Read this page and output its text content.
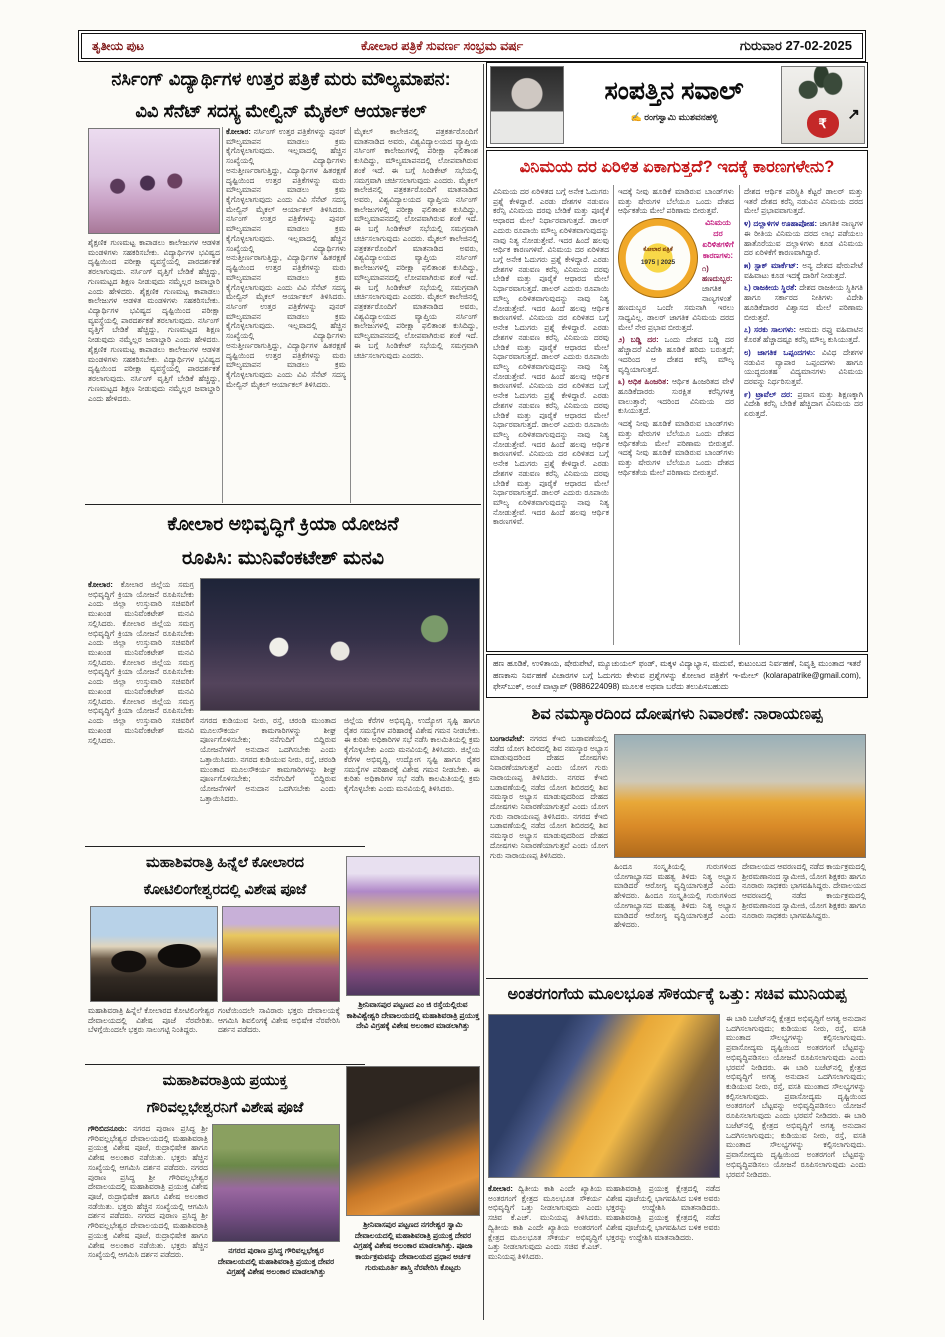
ತೃತೀಯ ಪುಟ	ಕೋಲಾರ ಪತ್ರಿಕೆ ಸುವರ್ಣ ಸಂಭ್ರಮ ವರ್ಷ	ಗುರುವಾರ 27-02-2025
ನರ್ಸಿಂಗ್ ವಿದ್ಯಾರ್ಥಿಗಳ ಉತ್ತರ ಪತ್ರಿಕೆ ಮರು ಮೌಲ್ಯಮಾಪನ:
ವಿವಿ ಸೆನೆಟ್ ಸದಸ್ಯ ಮೇಲ್ವಿನ್ ಮೈಕಲ್ ಆರ್ಯಾಕಲ್
ಕೋಲಾರ: ನರ್ಸಿಂಗ್ ಉತ್ತರ ಪತ್ರಿಕೆಗಳನ್ನು ಪುನರ್ ಮೌಲ್ಯಮಾಪನ ಮಾಡಲು ಕ್ರಮ ಕೈಗೊಳ್ಳಲಾಗುವುದು. ಇಲ್ಲವಾದಲ್ಲಿ ಹೆಚ್ಚಿನ ಸಂಖ್ಯೆಯಲ್ಲಿ ವಿದ್ಯಾರ್ಥಿಗಳು ಅನುತ್ತೀರ್ಣರಾಗುತ್ತಿದ್ದು, ವಿದ್ಯಾರ್ಥಿಗಳ ಹಿತರಕ್ಷಣೆ ದೃಷ್ಟಿಯಿಂದ ಉತ್ತರ ಪತ್ರಿಕೆಗಳನ್ನು ಮರು ಮೌಲ್ಯಮಾಪನ ಮಾಡಲು ಕ್ರಮ ಕೈಗೊಳ್ಳಲಾಗುವುದು ಎಂದು ವಿವಿ ಸೆನೆಟ್ ಸದಸ್ಯ ಮೇಲ್ವಿನ್ ಮೈಕಲ್ ಆರ್ಯಾಕಲ್ ತಿಳಿಸಿದರು. ನರ್ಸಿಂಗ್ ಉತ್ತರ ಪತ್ರಿಕೆಗಳನ್ನು ಪುನರ್ ಮೌಲ್ಯಮಾಪನ ಮಾಡಲು ಕ್ರಮ ಕೈಗೊಳ್ಳಲಾಗುವುದು. ಇಲ್ಲವಾದಲ್ಲಿ ಹೆಚ್ಚಿನ ಸಂಖ್ಯೆಯಲ್ಲಿ ವಿದ್ಯಾರ್ಥಿಗಳು ಅನುತ್ತೀರ್ಣರಾಗುತ್ತಿದ್ದು, ವಿದ್ಯಾರ್ಥಿಗಳ ಹಿತರಕ್ಷಣೆ ದೃಷ್ಟಿಯಿಂದ ಉತ್ತರ ಪತ್ರಿಕೆಗಳನ್ನು ಮರು ಮೌಲ್ಯಮಾಪನ ಮಾಡಲು ಕ್ರಮ ಕೈಗೊಳ್ಳಲಾಗುವುದು ಎಂದು ವಿವಿ ಸೆನೆಟ್ ಸದಸ್ಯ ಮೇಲ್ವಿನ್ ಮೈಕಲ್ ಆರ್ಯಾಕಲ್ ತಿಳಿಸಿದರು. ನರ್ಸಿಂಗ್ ಉತ್ತರ ಪತ್ರಿಕೆಗಳನ್ನು ಪುನರ್ ಮೌಲ್ಯಮಾಪನ ಮಾಡಲು ಕ್ರಮ ಕೈಗೊಳ್ಳಲಾಗುವುದು. ಇಲ್ಲವಾದಲ್ಲಿ ಹೆಚ್ಚಿನ ಸಂಖ್ಯೆಯಲ್ಲಿ ವಿದ್ಯಾರ್ಥಿಗಳು ಅನುತ್ತೀರ್ಣರಾಗುತ್ತಿದ್ದು, ವಿದ್ಯಾರ್ಥಿಗಳ ಹಿತರಕ್ಷಣೆ ದೃಷ್ಟಿಯಿಂದ ಉತ್ತರ ಪತ್ರಿಕೆಗಳನ್ನು ಮರು ಮೌಲ್ಯಮಾಪನ ಮಾಡಲು ಕ್ರಮ ಕೈಗೊಳ್ಳಲಾಗುವುದು ಎಂದು ವಿವಿ ಸೆನೆಟ್ ಸದಸ್ಯ ಮೇಲ್ವಿನ್ ಮೈಕಲ್ ಆರ್ಯಾಕಲ್ ತಿಳಿಸಿದರು.
ಮೈಕಲ್ ಕಾಲೇಜಿನಲ್ಲಿ ಪತ್ರಕರ್ತರೊಂದಿಗೆ ಮಾತನಾಡಿದ ಅವರು, ವಿಶ್ವವಿದ್ಯಾಲಯದ ವ್ಯಾಪ್ತಿಯ ನರ್ಸಿಂಗ್ ಕಾಲೇಜುಗಳಲ್ಲಿ ಪರೀಕ್ಷಾ ಫಲಿತಾಂಶ ಕುಸಿದಿದ್ದು, ಮೌಲ್ಯಮಾಪನದಲ್ಲಿ ಲೋಪವಾಗಿರುವ ಶಂಕೆ ಇದೆ. ಈ ಬಗ್ಗೆ ಸಿಂಡಿಕೇಟ್ ಸಭೆಯಲ್ಲಿ ಸಮಗ್ರವಾಗಿ ಚರ್ಚಿಸಲಾಗುವುದು ಎಂದರು. ಮೈಕಲ್ ಕಾಲೇಜಿನಲ್ಲಿ ಪತ್ರಕರ್ತರೊಂದಿಗೆ ಮಾತನಾಡಿದ ಅವರು, ವಿಶ್ವವಿದ್ಯಾಲಯದ ವ್ಯಾಪ್ತಿಯ ನರ್ಸಿಂಗ್ ಕಾಲೇಜುಗಳಲ್ಲಿ ಪರೀಕ್ಷಾ ಫಲಿತಾಂಶ ಕುಸಿದಿದ್ದು, ಮೌಲ್ಯಮಾಪನದಲ್ಲಿ ಲೋಪವಾಗಿರುವ ಶಂಕೆ ಇದೆ. ಈ ಬಗ್ಗೆ ಸಿಂಡಿಕೇಟ್ ಸಭೆಯಲ್ಲಿ ಸಮಗ್ರವಾಗಿ ಚರ್ಚಿಸಲಾಗುವುದು ಎಂದರು. ಮೈಕಲ್ ಕಾಲೇಜಿನಲ್ಲಿ ಪತ್ರಕರ್ತರೊಂದಿಗೆ ಮಾತನಾಡಿದ ಅವರು, ವಿಶ್ವವಿದ್ಯಾಲಯದ ವ್ಯಾಪ್ತಿಯ ನರ್ಸಿಂಗ್ ಕಾಲೇಜುಗಳಲ್ಲಿ ಪರೀಕ್ಷಾ ಫಲಿತಾಂಶ ಕುಸಿದಿದ್ದು, ಮೌಲ್ಯಮಾಪನದಲ್ಲಿ ಲೋಪವಾಗಿರುವ ಶಂಕೆ ಇದೆ. ಈ ಬಗ್ಗೆ ಸಿಂಡಿಕೇಟ್ ಸಭೆಯಲ್ಲಿ ಸಮಗ್ರವಾಗಿ ಚರ್ಚಿಸಲಾಗುವುದು ಎಂದರು. ಮೈಕಲ್ ಕಾಲೇಜಿನಲ್ಲಿ ಪತ್ರಕರ್ತರೊಂದಿಗೆ ಮಾತನಾಡಿದ ಅವರು, ವಿಶ್ವವಿದ್ಯಾಲಯದ ವ್ಯಾಪ್ತಿಯ ನರ್ಸಿಂಗ್ ಕಾಲೇಜುಗಳಲ್ಲಿ ಪರೀಕ್ಷಾ ಫಲಿತಾಂಶ ಕುಸಿದಿದ್ದು, ಮೌಲ್ಯಮಾಪನದಲ್ಲಿ ಲೋಪವಾಗಿರುವ ಶಂಕೆ ಇದೆ. ಈ ಬಗ್ಗೆ ಸಿಂಡಿಕೇಟ್ ಸಭೆಯಲ್ಲಿ ಸಮಗ್ರವಾಗಿ ಚರ್ಚಿಸಲಾಗುವುದು ಎಂದರು.
ಶೈಕ್ಷಣಿಕ ಗುಣಮಟ್ಟ ಕಾಪಾಡಲು ಕಾಲೇಜುಗಳ ಆಡಳಿತ ಮಂಡಳಿಗಳು ಸಹಕರಿಸಬೇಕು. ವಿದ್ಯಾರ್ಥಿಗಳ ಭವಿಷ್ಯದ ದೃಷ್ಟಿಯಿಂದ ಪರೀಕ್ಷಾ ವ್ಯವಸ್ಥೆಯಲ್ಲಿ ಪಾರದರ್ಶಕತೆ ತರಲಾಗುವುದು. ನರ್ಸಿಂಗ್ ವೃತ್ತಿಗೆ ಬೇಡಿಕೆ ಹೆಚ್ಚಿದ್ದು, ಗುಣಮಟ್ಟದ ಶಿಕ್ಷಣ ನೀಡುವುದು ನಮ್ಮೆಲ್ಲರ ಜವಾಬ್ದಾರಿ ಎಂದು ಹೇಳಿದರು. ಶೈಕ್ಷಣಿಕ ಗುಣಮಟ್ಟ ಕಾಪಾಡಲು ಕಾಲೇಜುಗಳ ಆಡಳಿತ ಮಂಡಳಿಗಳು ಸಹಕರಿಸಬೇಕು. ವಿದ್ಯಾರ್ಥಿಗಳ ಭವಿಷ್ಯದ ದೃಷ್ಟಿಯಿಂದ ಪರೀಕ್ಷಾ ವ್ಯವಸ್ಥೆಯಲ್ಲಿ ಪಾರದರ್ಶಕತೆ ತರಲಾಗುವುದು. ನರ್ಸಿಂಗ್ ವೃತ್ತಿಗೆ ಬೇಡಿಕೆ ಹೆಚ್ಚಿದ್ದು, ಗುಣಮಟ್ಟದ ಶಿಕ್ಷಣ ನೀಡುವುದು ನಮ್ಮೆಲ್ಲರ ಜವಾಬ್ದಾರಿ ಎಂದು ಹೇಳಿದರು. ಶೈಕ್ಷಣಿಕ ಗುಣಮಟ್ಟ ಕಾಪಾಡಲು ಕಾಲೇಜುಗಳ ಆಡಳಿತ ಮಂಡಳಿಗಳು ಸಹಕರಿಸಬೇಕು. ವಿದ್ಯಾರ್ಥಿಗಳ ಭವಿಷ್ಯದ ದೃಷ್ಟಿಯಿಂದ ಪರೀಕ್ಷಾ ವ್ಯವಸ್ಥೆಯಲ್ಲಿ ಪಾರದರ್ಶಕತೆ ತರಲಾಗುವುದು. ನರ್ಸಿಂಗ್ ವೃತ್ತಿಗೆ ಬೇಡಿಕೆ ಹೆಚ್ಚಿದ್ದು, ಗುಣಮಟ್ಟದ ಶಿಕ್ಷಣ ನೀಡುವುದು ನಮ್ಮೆಲ್ಲರ ಜವಾಬ್ದಾರಿ ಎಂದು ಹೇಳಿದರು.
ಕೋಲಾರ ಅಭಿವೃದ್ಧಿಗೆ ಕ್ರಿಯಾ ಯೋಜನೆ
ರೂಪಿಸಿ: ಮುನಿವೆಂಕಟೇಶ್ ಮನವಿ
ಕೋಲಾರ: ಕೋಲಾರ ಜಿಲ್ಲೆಯ ಸಮಗ್ರ ಅಭಿವೃದ್ಧಿಗೆ ಕ್ರಿಯಾ ಯೋಜನೆ ರೂಪಿಸಬೇಕು ಎಂದು ಜಿಲ್ಲಾ ಉಸ್ತುವಾರಿ ಸಚಿವರಿಗೆ ಮುಖಂಡ ಮುನಿವೆಂಕಟೇಶ್ ಮನವಿ ಸಲ್ಲಿಸಿದರು. ಕೋಲಾರ ಜಿಲ್ಲೆಯ ಸಮಗ್ರ ಅಭಿವೃದ್ಧಿಗೆ ಕ್ರಿಯಾ ಯೋಜನೆ ರೂಪಿಸಬೇಕು ಎಂದು ಜಿಲ್ಲಾ ಉಸ್ತುವಾರಿ ಸಚಿವರಿಗೆ ಮುಖಂಡ ಮುನಿವೆಂಕಟೇಶ್ ಮನವಿ ಸಲ್ಲಿಸಿದರು. ಕೋಲಾರ ಜಿಲ್ಲೆಯ ಸಮಗ್ರ ಅಭಿವೃದ್ಧಿಗೆ ಕ್ರಿಯಾ ಯೋಜನೆ ರೂಪಿಸಬೇಕು ಎಂದು ಜಿಲ್ಲಾ ಉಸ್ತುವಾರಿ ಸಚಿವರಿಗೆ ಮುಖಂಡ ಮುನಿವೆಂಕಟೇಶ್ ಮನವಿ ಸಲ್ಲಿಸಿದರು. ಕೋಲಾರ ಜಿಲ್ಲೆಯ ಸಮಗ್ರ ಅಭಿವೃದ್ಧಿಗೆ ಕ್ರಿಯಾ ಯೋಜನೆ ರೂಪಿಸಬೇಕು ಎಂದು ಜಿಲ್ಲಾ ಉಸ್ತುವಾರಿ ಸಚಿವರಿಗೆ ಮುಖಂಡ ಮುನಿವೆಂಕಟೇಶ್ ಮನವಿ ಸಲ್ಲಿಸಿದರು.
ನಗರದ ಕುಡಿಯುವ ನೀರು, ರಸ್ತೆ, ಚರಂಡಿ ಮುಂತಾದ ಮೂಲಸೌಕರ್ಯ ಕಾಮಗಾರಿಗಳನ್ನು ಶೀಘ್ರ ಪೂರ್ಣಗೊಳಿಸಬೇಕು; ನನೆಗುದಿಗೆ ಬಿದ್ದಿರುವ ಯೋಜನೆಗಳಿಗೆ ಅನುದಾನ ಒದಗಿಸಬೇಕು ಎಂದು ಒತ್ತಾಯಿಸಿದರು. ನಗರದ ಕುಡಿಯುವ ನೀರು, ರಸ್ತೆ, ಚರಂಡಿ ಮುಂತಾದ ಮೂಲಸೌಕರ್ಯ ಕಾಮಗಾರಿಗಳನ್ನು ಶೀಘ್ರ ಪೂರ್ಣಗೊಳಿಸಬೇಕು; ನನೆಗುದಿಗೆ ಬಿದ್ದಿರುವ ಯೋಜನೆಗಳಿಗೆ ಅನುದಾನ ಒದಗಿಸಬೇಕು ಎಂದು ಒತ್ತಾಯಿಸಿದರು.
ಜಿಲ್ಲೆಯ ಕೆರೆಗಳ ಅಭಿವೃದ್ಧಿ, ಉದ್ಯೋಗ ಸೃಷ್ಟಿ ಹಾಗೂ ರೈತರ ಸಮಸ್ಯೆಗಳ ಪರಿಹಾರಕ್ಕೆ ವಿಶೇಷ ಗಮನ ನೀಡಬೇಕು. ಈ ಕುರಿತು ಅಧಿಕಾರಿಗಳ ಸಭೆ ನಡೆಸಿ ಕಾಲಮಿತಿಯಲ್ಲಿ ಕ್ರಮ ಕೈಗೊಳ್ಳಬೇಕು ಎಂದು ಮನವಿಯಲ್ಲಿ ತಿಳಿಸಿದರು. ಜಿಲ್ಲೆಯ ಕೆರೆಗಳ ಅಭಿವೃದ್ಧಿ, ಉದ್ಯೋಗ ಸೃಷ್ಟಿ ಹಾಗೂ ರೈತರ ಸಮಸ್ಯೆಗಳ ಪರಿಹಾರಕ್ಕೆ ವಿಶೇಷ ಗಮನ ನೀಡಬೇಕು. ಈ ಕುರಿತು ಅಧಿಕಾರಿಗಳ ಸಭೆ ನಡೆಸಿ ಕಾಲಮಿತಿಯಲ್ಲಿ ಕ್ರಮ ಕೈಗೊಳ್ಳಬೇಕು ಎಂದು ಮನವಿಯಲ್ಲಿ ತಿಳಿಸಿದರು.
ಮಹಾಶಿವರಾತ್ರಿ ಹಿನ್ನೆಲೆ ಕೋಲಾರದ
ಕೋಟಿಲಿಂಗೇಶ್ವರದಲ್ಲಿ ವಿಶೇಷ ಪೂಜೆ
ಮಹಾಶಿವರಾತ್ರಿ ಹಿನ್ನೆಲೆ ಕೋಲಾರದ ಕೋಟಿಲಿಂಗೇಶ್ವರ ದೇವಾಲಯದಲ್ಲಿ ವಿಶೇಷ ಪೂಜೆ ನೆರವೇರಿತು. ಬೆಳಗ್ಗೆಯಿಂದಲೇ ಭಕ್ತರು ಸಾಲುಗಟ್ಟಿ ನಿಂತಿದ್ದರು.
ಗಂಟೆಯಿಂದಲೇ ಸಾವಿರಾರು ಭಕ್ತರು ದೇವಾಲಯಕ್ಕೆ ಆಗಮಿಸಿ ಶಿವಲಿಂಗಕ್ಕೆ ವಿಶೇಷ ಅಭಿಷೇಕ ನೆರವೇರಿಸಿ ದರ್ಶನ ಪಡೆದರು.
ಮಹಾಶಿವರಾತ್ರಿಯ ಪ್ರಯುಕ್ತ
ಗೌರಿವಲ್ಲಭೇಶ್ವರನಿಗೆ ವಿಶೇಷ ಪೂಜೆ
ಗೌರಿಬಿದನೂರು: ನಗರದ ಪುರಾಣ ಪ್ರಸಿದ್ಧ ಶ್ರೀ ಗೌರಿವಲ್ಲಭೇಶ್ವರ ದೇವಾಲಯದಲ್ಲಿ ಮಹಾಶಿವರಾತ್ರಿ ಪ್ರಯುಕ್ತ ವಿಶೇಷ ಪೂಜೆ, ರುದ್ರಾಭಿಷೇಕ ಹಾಗೂ ವಿಶೇಷ ಅಲಂಕಾರ ನಡೆಯಿತು. ಭಕ್ತರು ಹೆಚ್ಚಿನ ಸಂಖ್ಯೆಯಲ್ಲಿ ಆಗಮಿಸಿ ದರ್ಶನ ಪಡೆದರು. ನಗರದ ಪುರಾಣ ಪ್ರಸಿದ್ಧ ಶ್ರೀ ಗೌರಿವಲ್ಲಭೇಶ್ವರ ದೇವಾಲಯದಲ್ಲಿ ಮಹಾಶಿವರಾತ್ರಿ ಪ್ರಯುಕ್ತ ವಿಶೇಷ ಪೂಜೆ, ರುದ್ರಾಭಿಷೇಕ ಹಾಗೂ ವಿಶೇಷ ಅಲಂಕಾರ ನಡೆಯಿತು. ಭಕ್ತರು ಹೆಚ್ಚಿನ ಸಂಖ್ಯೆಯಲ್ಲಿ ಆಗಮಿಸಿ ದರ್ಶನ ಪಡೆದರು. ನಗರದ ಪುರಾಣ ಪ್ರಸಿದ್ಧ ಶ್ರೀ ಗೌರಿವಲ್ಲಭೇಶ್ವರ ದೇವಾಲಯದಲ್ಲಿ ಮಹಾಶಿವರಾತ್ರಿ ಪ್ರಯುಕ್ತ ವಿಶೇಷ ಪೂಜೆ, ರುದ್ರಾಭಿಷೇಕ ಹಾಗೂ ವಿಶೇಷ ಅಲಂಕಾರ ನಡೆಯಿತು. ಭಕ್ತರು ಹೆಚ್ಚಿನ ಸಂಖ್ಯೆಯಲ್ಲಿ ಆಗಮಿಸಿ ದರ್ಶನ ಪಡೆದರು.	ನಗರದ ಪುರಾಣ ಪ್ರಸಿದ್ಧ ಗೌರಿವಲ್ಲಭೇಶ್ವರ ದೇವಾಲಯದಲ್ಲಿ ಮಹಾಶಿವರಾತ್ರಿ ಪ್ರಯುಕ್ತ ದೇವರ ವಿಗ್ರಹಕ್ಕೆ ವಿಶೇಷ ಅಲಂಕಾರ ಮಾಡಲಾಗಿತ್ತು
ಶ್ರೀನಿವಾಸಪುರ ಪಟ್ಟಣದ ಎಂ ಜಿ ರಸ್ತೆಯಲ್ಲಿರುವ ಕಾಶಿವಿಶ್ವೇಶ್ವರಿ ದೇವಾಲಯದಲ್ಲಿ ಮಹಾಶಿವರಾತ್ರಿ ಪ್ರಯುಕ್ತ ದೇವಿ ವಿಗ್ರಹಕ್ಕೆ ವಿಶೇಷ ಅಲಂಕಾರ ಮಾಡಲಾಗಿತ್ತು
ಶ್ರೀನಿವಾಸಪುರ ಪಟ್ಟಣದ ನಗರೇಶ್ವರ ಸ್ವಾಮಿ ದೇವಾಲಯದಲ್ಲಿ ಮಹಾಶಿವರಾತ್ರಿ ಪ್ರಯುಕ್ತ ದೇವರ ವಿಗ್ರಹಕ್ಕೆ ವಿಶೇಷ ಅಲಂಕಾರ ಮಾಡಲಾಗಿತ್ತು. ಪೂಜಾ ಕಾರ್ಯಕ್ರಮವನ್ನು ದೇವಾಲಯದ ಪ್ರಧಾನ ಅರ್ಚಕ ಗುರುಮೂರ್ತಿ ಶಾಸ್ತ್ರಿ ನೆರವೇರಿಸಿ ಕೊಟ್ಟರು
ಸಂಪತ್ತಿನ ಸವಾಲ್
✍ ರಂಗಸ್ವಾಮಿ ಮುಶವನಹಳ್ಳಿ	₹
↗
ವಿನಿಮಯ ದರ ಏರಿಳಿತ ಏಕಾಗುತ್ತದೆ? ಇದಕ್ಕೆ ಕಾರಣಗಳೇನು?
ವಿನಿಮಯ ದರ ಏರಿಳಿತದ ಬಗ್ಗೆ ಅನೇಕ ಓದುಗರು ಪ್ರಶ್ನೆ ಕೇಳಿದ್ದಾರೆ. ಎರಡು ದೇಶಗಳ ನಡುವಣ ಕರೆನ್ಸಿ ವಿನಿಮಯ ದರವು ಬೇಡಿಕೆ ಮತ್ತು ಪೂರೈಕೆ ಆಧಾರದ ಮೇಲೆ ನಿರ್ಧಾರವಾಗುತ್ತದೆ. ಡಾಲರ್ ಎದುರು ರೂಪಾಯಿ ಮೌಲ್ಯ ಏರಿಳಿತವಾಗುವುದನ್ನು ನಾವು ನಿತ್ಯ ನೋಡುತ್ತೇವೆ. ಇದರ ಹಿಂದೆ ಹಲವು ಆರ್ಥಿಕ ಕಾರಣಗಳಿವೆ. ವಿನಿಮಯ ದರ ಏರಿಳಿತದ ಬಗ್ಗೆ ಅನೇಕ ಓದುಗರು ಪ್ರಶ್ನೆ ಕೇಳಿದ್ದಾರೆ. ಎರಡು ದೇಶಗಳ ನಡುವಣ ಕರೆನ್ಸಿ ವಿನಿಮಯ ದರವು ಬೇಡಿಕೆ ಮತ್ತು ಪೂರೈಕೆ ಆಧಾರದ ಮೇಲೆ ನಿರ್ಧಾರವಾಗುತ್ತದೆ. ಡಾಲರ್ ಎದುರು ರೂಪಾಯಿ ಮೌಲ್ಯ ಏರಿಳಿತವಾಗುವುದನ್ನು ನಾವು ನಿತ್ಯ ನೋಡುತ್ತೇವೆ. ಇದರ ಹಿಂದೆ ಹಲವು ಆರ್ಥಿಕ ಕಾರಣಗಳಿವೆ. ವಿನಿಮಯ ದರ ಏರಿಳಿತದ ಬಗ್ಗೆ ಅನೇಕ ಓದುಗರು ಪ್ರಶ್ನೆ ಕೇಳಿದ್ದಾರೆ. ಎರಡು ದೇಶಗಳ ನಡುವಣ ಕರೆನ್ಸಿ ವಿನಿಮಯ ದರವು ಬೇಡಿಕೆ ಮತ್ತು ಪೂರೈಕೆ ಆಧಾರದ ಮೇಲೆ ನಿರ್ಧಾರವಾಗುತ್ತದೆ. ಡಾಲರ್ ಎದುರು ರೂಪಾಯಿ ಮೌಲ್ಯ ಏರಿಳಿತವಾಗುವುದನ್ನು ನಾವು ನಿತ್ಯ ನೋಡುತ್ತೇವೆ. ಇದರ ಹಿಂದೆ ಹಲವು ಆರ್ಥಿಕ ಕಾರಣಗಳಿವೆ. ವಿನಿಮಯ ದರ ಏರಿಳಿತದ ಬಗ್ಗೆ ಅನೇಕ ಓದುಗರು ಪ್ರಶ್ನೆ ಕೇಳಿದ್ದಾರೆ. ಎರಡು ದೇಶಗಳ ನಡುವಣ ಕರೆನ್ಸಿ ವಿನಿಮಯ ದರವು ಬೇಡಿಕೆ ಮತ್ತು ಪೂರೈಕೆ ಆಧಾರದ ಮೇಲೆ ನಿರ್ಧಾರವಾಗುತ್ತದೆ. ಡಾಲರ್ ಎದುರು ರೂಪಾಯಿ ಮೌಲ್ಯ ಏರಿಳಿತವಾಗುವುದನ್ನು ನಾವು ನಿತ್ಯ ನೋಡುತ್ತೇವೆ. ಇದರ ಹಿಂದೆ ಹಲವು ಆರ್ಥಿಕ ಕಾರಣಗಳಿವೆ. ವಿನಿಮಯ ದರ ಏರಿಳಿತದ ಬಗ್ಗೆ ಅನೇಕ ಓದುಗರು ಪ್ರಶ್ನೆ ಕೇಳಿದ್ದಾರೆ. ಎರಡು ದೇಶಗಳ ನಡುವಣ ಕರೆನ್ಸಿ ವಿನಿಮಯ ದರವು ಬೇಡಿಕೆ ಮತ್ತು ಪೂರೈಕೆ ಆಧಾರದ ಮೇಲೆ ನಿರ್ಧಾರವಾಗುತ್ತದೆ. ಡಾಲರ್ ಎದುರು ರೂಪಾಯಿ ಮೌಲ್ಯ ಏರಿಳಿತವಾಗುವುದನ್ನು ನಾವು ನಿತ್ಯ ನೋಡುತ್ತೇವೆ. ಇದರ ಹಿಂದೆ ಹಲವು ಆರ್ಥಿಕ ಕಾರಣಗಳಿವೆ.
ಇದಕ್ಕೆ ನೀವು ಹೂಡಿಕೆ ಮಾಡಿರುವ ಬಾಂಡ್‌ಗಳು ಮತ್ತು ಷೇರುಗಳ ಬೆಲೆಯೂ ಒಂದು ದೇಶದ ಆರ್ಥಿಕತೆಯ ಮೇಲೆ ಪರಿಣಾಮ ಬೀರುತ್ತವೆ.
ಕೋಲಾರ ಪತ್ರಿಕೆ
1975 | 2025
ವಿನಿಮಯ ದರ ಏರಿಳಿತಗಳಿಗೆ ಕಾರಣಗಳು:
೧) ಹಣದುಬ್ಬರ: ಜಾಗತಿಕ ನಾಣ್ಯಗಳಂತೆ ಹಣದುಬ್ಬರ ಒಂದೇ ಸಮನಾಗಿ ಇರಲು ಸಾಧ್ಯವಿಲ್ಲ. ಡಾಲರ್ ಜಾಗತಿಕ ವಿನಿಮಯ ದರದ ಮೇಲೆ ನೇರ ಪ್ರಭಾವ ಬೀರುತ್ತದೆ.
೨) ಬಡ್ಡಿ ದರ: ಒಂದು ದೇಶದ ಬಡ್ಡಿ ದರ ಹೆಚ್ಚಾದರೆ ವಿದೇಶಿ ಹೂಡಿಕೆ ಹರಿದು ಬರುತ್ತದೆ; ಇದರಿಂದ ಆ ದೇಶದ ಕರೆನ್ಸಿ ಮೌಲ್ಯ ವೃದ್ಧಿಯಾಗುತ್ತದೆ.
೩) ಅಧಿಕ ಹಿಂಜರಿತ: ಆರ್ಥಿಕ ಹಿಂಜರಿತದ ವೇಳೆ ಹೂಡಿಕೆದಾರರು ಸುರಕ್ಷಿತ ಕರೆನ್ಸಿಗಳತ್ತ ವಾಲುತ್ತಾರೆ; ಇದರಿಂದ ವಿನಿಮಯ ದರ ಕುಸಿಯುತ್ತದೆ.
ಇದಕ್ಕೆ ನೀವು ಹೂಡಿಕೆ ಮಾಡಿರುವ ಬಾಂಡ್‌ಗಳು ಮತ್ತು ಷೇರುಗಳ ಬೆಲೆಯೂ ಒಂದು ದೇಶದ ಆರ್ಥಿಕತೆಯ ಮೇಲೆ ಪರಿಣಾಮ ಬೀರುತ್ತವೆ. ಇದಕ್ಕೆ ನೀವು ಹೂಡಿಕೆ ಮಾಡಿರುವ ಬಾಂಡ್‌ಗಳು ಮತ್ತು ಷೇರುಗಳ ಬೆಲೆಯೂ ಒಂದು ದೇಶದ ಆರ್ಥಿಕತೆಯ ಮೇಲೆ ಪರಿಣಾಮ ಬೀರುತ್ತವೆ.
ದೇಶದ ಆರ್ಥಿಕ ಪರಿಸ್ಥಿತಿ ಕೆಟ್ಟರೆ ಡಾಲರ್ ಮತ್ತು ಇತರೆ ದೇಶದ ಕರೆನ್ಸಿ ನಡುವಿನ ವಿನಿಮಯ ದರದ ಮೇಲೆ ಪ್ರಭಾವವಾಗುತ್ತದೆ.
೪) ದಲ್ಲಾಳಿಗಳ ಊಹಾಪೋಹ: ಜಾಗತಿಕ ನಾಣ್ಯಗಳ ಈ ರೀತಿಯ ವಿನಿಮಯ ದರದ ಲಾಭ ಪಡೆಯಲು ಹಾತೊರೆಯುವ ದಲ್ಲಾಳಿಗಳು ಕೂಡ ವಿನಿಮಯ ದರ ಏರಿಳಿಕೆಗೆ ಕಾರಣವಾಗಿದ್ದಾರೆ.
೫) ಸ್ಟಾಕ್ ಮಾರ್ಕೆಟ್: ಅನ್ಯ ದೇಶದ ಷೇರುಪೇಟೆ ವಹಿವಾಟು ಕೂಡ ಇದಕ್ಕೆ ದಾರಿಗೆ ನೀಡುತ್ತದೆ.
೬) ರಾಜಕೀಯ ಸ್ಥಿರತೆ: ದೇಶದ ರಾಜಕೀಯ ಸ್ಥಿತಿಗತಿ ಹಾಗೂ ಸರ್ಕಾರದ ನೀತಿಗಳು ವಿದೇಶಿ ಹೂಡಿಕೆದಾರರ ವಿಶ್ವಾಸದ ಮೇಲೆ ಪರಿಣಾಮ ಬೀರುತ್ತವೆ.
೭) ಸರಕು ಸಾಲಗಳು: ಆಮದು ರಫ್ತು ವಹಿವಾಟಿನ ಕೊರತೆ ಹೆಚ್ಚಾದಷ್ಟೂ ಕರೆನ್ಸಿ ಮೌಲ್ಯ ಕುಸಿಯುತ್ತದೆ.
೮) ಜಾಗತಿಕ ಒಪ್ಪಂದಗಳು: ವಿವಿಧ ದೇಶಗಳ ನಡುವಿನ ವ್ಯಾಪಾರ ಒಪ್ಪಂದಗಳು ಹಾಗೂ ಯುದ್ಧದಂತಹ ವಿದ್ಯಮಾನಗಳು ವಿನಿಮಯ ದರವನ್ನು ನಿರ್ಧರಿಸುತ್ತವೆ.
೯) ಟ್ರಾವೆಲ್ ದರ: ಪ್ರವಾಸ ಮತ್ತು ಶಿಕ್ಷಣಕ್ಕಾಗಿ ವಿದೇಶಿ ಕರೆನ್ಸಿ ಬೇಡಿಕೆ ಹೆಚ್ಚಿದಾಗ ವಿನಿಮಯ ದರ ಏರುತ್ತದೆ.
ಹಣ ಹೂಡಿಕೆ, ಉಳಿತಾಯ, ಷೇರುಪೇಟೆ, ಮ್ಯೂಚುಯಲ್ ಫಂಡ್, ಮಕ್ಕಳ ವಿದ್ಯಾಭ್ಯಾಸ, ಮದುವೆ, ಕುಟುಂಬದ ನಿರ್ವಹಣೆ, ನಿವೃತ್ತಿ ಮುಂತಾದ ಇತರೆ ಹಣಕಾಸು ನಿರ್ವಹಣೆ ವಿಚಾರಗಳ ಬಗ್ಗೆ ಓದುಗರು ಕೇಳುವ ಪ್ರಶ್ನೆಗಳನ್ನು ಕೋಲಾರ ಪತ್ರಿಕೆಗೆ ಇ-ಮೇಲ್ (kolarapatrike@gmail.com), ಫೇಸ್‌ಬುಕ್, ಅಂಚೆ ವಾಟ್ಸಾಪ್ (9886224098) ಮೂಲಕ ಅಥವಾ ಬರೆದು ತಲುಪಿಸಬಹುದು
ಶಿವ ನಮಸ್ಕಾರದಿಂದ ದೋಷಗಳು ನಿವಾರಣೆ: ನಾರಾಯಣಪ್ಪ
ಬಂಗಾರಪೇಟೆ: ನಗರದ ಕೆಇಬಿ ಬಡಾವಣೆಯಲ್ಲಿ ನಡೆದ ಯೋಗ ಶಿಬಿರದಲ್ಲಿ ಶಿವ ನಮಸ್ಕಾರ ಅಭ್ಯಾಸ ಮಾಡುವುದರಿಂದ ದೇಹದ ದೋಷಗಳು ನಿವಾರಣೆಯಾಗುತ್ತವೆ ಎಂದು ಯೋಗ ಗುರು ನಾರಾಯಣಪ್ಪ ತಿಳಿಸಿದರು. ನಗರದ ಕೆಇಬಿ ಬಡಾವಣೆಯಲ್ಲಿ ನಡೆದ ಯೋಗ ಶಿಬಿರದಲ್ಲಿ ಶಿವ ನಮಸ್ಕಾರ ಅಭ್ಯಾಸ ಮಾಡುವುದರಿಂದ ದೇಹದ ದೋಷಗಳು ನಿವಾರಣೆಯಾಗುತ್ತವೆ ಎಂದು ಯೋಗ ಗುರು ನಾರಾಯಣಪ್ಪ ತಿಳಿಸಿದರು. ನಗರದ ಕೆಇಬಿ ಬಡಾವಣೆಯಲ್ಲಿ ನಡೆದ ಯೋಗ ಶಿಬಿರದಲ್ಲಿ ಶಿವ ನಮಸ್ಕಾರ ಅಭ್ಯಾಸ ಮಾಡುವುದರಿಂದ ದೇಹದ ದೋಷಗಳು ನಿವಾರಣೆಯಾಗುತ್ತವೆ ಎಂದು ಯೋಗ ಗುರು ನಾರಾಯಣಪ್ಪ ತಿಳಿಸಿದರು.
ಹಿಂದೂ ಸಂಸ್ಕೃತಿಯಲ್ಲಿ ಗುರುಗಳಿಂದ ಯೋಗಾಭ್ಯಾಸದ ಮಹತ್ವ ತಿಳಿದು ನಿತ್ಯ ಅಭ್ಯಾಸ ಮಾಡಿದರೆ ಆರೋಗ್ಯ ವೃದ್ಧಿಯಾಗುತ್ತದೆ ಎಂದು ಹೇಳಿದರು. ಹಿಂದೂ ಸಂಸ್ಕೃತಿಯಲ್ಲಿ ಗುರುಗಳಿಂದ ಯೋಗಾಭ್ಯಾಸದ ಮಹತ್ವ ತಿಳಿದು ನಿತ್ಯ ಅಭ್ಯಾಸ ಮಾಡಿದರೆ ಆರೋಗ್ಯ ವೃದ್ಧಿಯಾಗುತ್ತದೆ ಎಂದು ಹೇಳಿದರು.
ದೇವಾಲಯದ ಆವರಣದಲ್ಲಿ ನಡೆದ ಕಾರ್ಯಕ್ರಮದಲ್ಲಿ ಶ್ರೀರಮಣಾನಂದ ಸ್ವಾಮೀಜಿ, ಯೋಗ ಶಿಕ್ಷಕರು ಹಾಗೂ ನೂರಾರು ಸಾಧಕರು ಭಾಗವಹಿಸಿದ್ದರು. ದೇವಾಲಯದ ಆವರಣದಲ್ಲಿ ನಡೆದ ಕಾರ್ಯಕ್ರಮದಲ್ಲಿ ಶ್ರೀರಮಣಾನಂದ ಸ್ವಾಮೀಜಿ, ಯೋಗ ಶಿಕ್ಷಕರು ಹಾಗೂ ನೂರಾರು ಸಾಧಕರು ಭಾಗವಹಿಸಿದ್ದರು.
ಅಂತರಗಂಗೆಯ ಮೂಲಭೂತ ಸೌಕರ್ಯಕ್ಕೆ ಒತ್ತು: ಸಚಿವ ಮುನಿಯಪ್ಪ
ಈ ಬಾರಿ ಬಜೆಟ್‌ನಲ್ಲಿ ಕ್ಷೇತ್ರದ ಅಭಿವೃದ್ಧಿಗೆ ಅಗತ್ಯ ಅನುದಾನ ಒದಗಿಸಲಾಗುವುದು; ಕುಡಿಯುವ ನೀರು, ರಸ್ತೆ, ವಸತಿ ಮುಂತಾದ ಸೌಲಭ್ಯಗಳನ್ನು ಕಲ್ಪಿಸಲಾಗುವುದು. ಪ್ರವಾಸೋದ್ಯಮ ದೃಷ್ಟಿಯಿಂದ ಅಂತರಗಂಗೆ ಬೆಟ್ಟವನ್ನು ಅಭಿವೃದ್ಧಿಪಡಿಸಲು ಯೋಜನೆ ರೂಪಿಸಲಾಗುವುದು ಎಂದು ಭರವಸೆ ನೀಡಿದರು. ಈ ಬಾರಿ ಬಜೆಟ್‌ನಲ್ಲಿ ಕ್ಷೇತ್ರದ ಅಭಿವೃದ್ಧಿಗೆ ಅಗತ್ಯ ಅನುದಾನ ಒದಗಿಸಲಾಗುವುದು; ಕುಡಿಯುವ ನೀರು, ರಸ್ತೆ, ವಸತಿ ಮುಂತಾದ ಸೌಲಭ್ಯಗಳನ್ನು ಕಲ್ಪಿಸಲಾಗುವುದು. ಪ್ರವಾಸೋದ್ಯಮ ದೃಷ್ಟಿಯಿಂದ ಅಂತರಗಂಗೆ ಬೆಟ್ಟವನ್ನು ಅಭಿವೃದ್ಧಿಪಡಿಸಲು ಯೋಜನೆ ರೂಪಿಸಲಾಗುವುದು ಎಂದು ಭರವಸೆ ನೀಡಿದರು. ಈ ಬಾರಿ ಬಜೆಟ್‌ನಲ್ಲಿ ಕ್ಷೇತ್ರದ ಅಭಿವೃದ್ಧಿಗೆ ಅಗತ್ಯ ಅನುದಾನ ಒದಗಿಸಲಾಗುವುದು; ಕುಡಿಯುವ ನೀರು, ರಸ್ತೆ, ವಸತಿ ಮುಂತಾದ ಸೌಲಭ್ಯಗಳನ್ನು ಕಲ್ಪಿಸಲಾಗುವುದು. ಪ್ರವಾಸೋದ್ಯಮ ದೃಷ್ಟಿಯಿಂದ ಅಂತರಗಂಗೆ ಬೆಟ್ಟವನ್ನು ಅಭಿವೃದ್ಧಿಪಡಿಸಲು ಯೋಜನೆ ರೂಪಿಸಲಾಗುವುದು ಎಂದು ಭರವಸೆ ನೀಡಿದರು.
ಕೋಲಾರ: ದ್ವಿತೀಯ ಕಾಶಿ ಎಂದೇ ಖ್ಯಾತಿಯ ಅಂತರಗಂಗೆ ಕ್ಷೇತ್ರದ ಮೂಲಭೂತ ಸೌಕರ್ಯ ಅಭಿವೃದ್ಧಿಗೆ ಒತ್ತು ನೀಡಲಾಗುವುದು ಎಂದು ಸಚಿವ ಕೆ.ಎಚ್. ಮುನಿಯಪ್ಪ ತಿಳಿಸಿದರು. ದ್ವಿತೀಯ ಕಾಶಿ ಎಂದೇ ಖ್ಯಾತಿಯ ಅಂತರಗಂಗೆ ಕ್ಷೇತ್ರದ ಮೂಲಭೂತ ಸೌಕರ್ಯ ಅಭಿವೃದ್ಧಿಗೆ ಒತ್ತು ನೀಡಲಾಗುವುದು ಎಂದು ಸಚಿವ ಕೆ.ಎಚ್. ಮುನಿಯಪ್ಪ ತಿಳಿಸಿದರು.
ಮಹಾಶಿವರಾತ್ರಿ ಪ್ರಯುಕ್ತ ಕ್ಷೇತ್ರದಲ್ಲಿ ನಡೆದ ವಿಶೇಷ ಪೂಜೆಯಲ್ಲಿ ಭಾಗವಹಿಸಿದ ಬಳಿಕ ಅವರು ಭಕ್ತರನ್ನು ಉದ್ದೇಶಿಸಿ ಮಾತನಾಡಿದರು. ಮಹಾಶಿವರಾತ್ರಿ ಪ್ರಯುಕ್ತ ಕ್ಷೇತ್ರದಲ್ಲಿ ನಡೆದ ವಿಶೇಷ ಪೂಜೆಯಲ್ಲಿ ಭಾಗವಹಿಸಿದ ಬಳಿಕ ಅವರು ಭಕ್ತರನ್ನು ಉದ್ದೇಶಿಸಿ ಮಾತನಾಡಿದರು.
